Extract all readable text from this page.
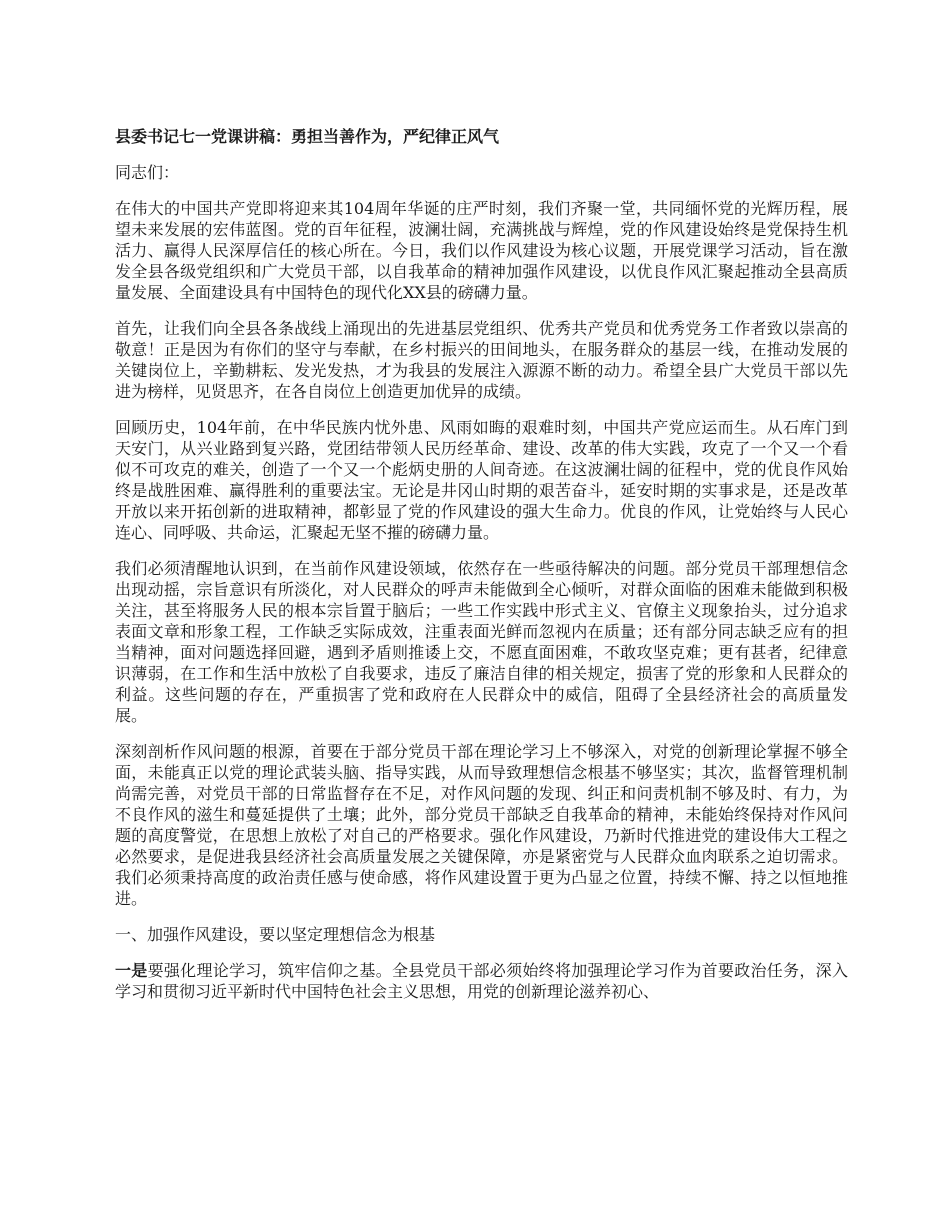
县委书记七一党课讲稿：勇担当善作为，严纪律正风气
同志们：

在伟大的中国共产党即将迎来其104周年华诞的庄严时刻，我们齐聚一堂，共同缅怀党的光辉历程，展望未来发展的宏伟蓝图。党的百年征程，波澜壮阔，充满挑战与辉煌，党的作风建设始终是党保持生机活力、赢得人民深厚信任的核心所在。今日，我们以作风建设为核心议题，开展党课学习活动，旨在激发全县各级党组织和广大党员干部，以自我革命的精神加强作风建设，以优良作风汇聚起推动全县高质量发展、全面建设具有中国特色的现代化XX县的磅礴力量。

首先，让我们向全县各条战线上涌现出的先进基层党组织、优秀共产党员和优秀党务工作者致以崇高的敬意！正是因为有你们的坚守与奉献，在乡村振兴的田间地头，在服务群众的基层一线，在推动发展的关键岗位上，辛勤耕耘、发光发热，才为我县的发展注入源源不断的动力。希望全县广大党员干部以先进为榜样，见贤思齐，在各自岗位上创造更加优异的成绩。

回顾历史，104年前，在中华民族内忧外患、风雨如晦的艰难时刻，中国共产党应运而生。从石库门到天安门，从兴业路到复兴路，党团结带领人民历经革命、建设、改革的伟大实践，攻克了一个又一个看似不可攻克的难关，创造了一个又一个彪炳史册的人间奇迹。在这波澜壮阔的征程中，党的优良作风始终是战胜困难、赢得胜利的重要法宝。无论是井冈山时期的艰苦奋斗，延安时期的实事求是，还是改革开放以来开拓创新的进取精神，都彰显了党的作风建设的强大生命力。优良的作风，让党始终与人民心连心、同呼吸、共命运，汇聚起无坚不摧的磅礴力量。

我们必须清醒地认识到，在当前作风建设领域，依然存在一些亟待解决的问题。部分党员干部理想信念出现动摇，宗旨意识有所淡化，对人民群众的呼声未能做到全心倾听，对群众面临的困难未能做到积极关注，甚至将服务人民的根本宗旨置于脑后；一些工作实践中形式主义、官僚主义现象抬头，过分追求表面文章和形象工程，工作缺乏实际成效，注重表面光鲜而忽视内在质量；还有部分同志缺乏应有的担当精神，面对问题选择回避，遇到矛盾则推诿上交，不愿直面困难，不敢攻坚克难；更有甚者，纪律意识薄弱，在工作和生活中放松了自我要求，违反了廉洁自律的相关规定，损害了党的形象和人民群众的利益。这些问题的存在，严重损害了党和政府在人民群众中的威信，阻碍了全县经济社会的高质量发展。

深刻剖析作风问题的根源，首要在于部分党员干部在理论学习上不够深入，对党的创新理论掌握不够全面，未能真正以党的理论武装头脑、指导实践，从而导致理想信念根基不够坚实；其次，监督管理机制尚需完善，对党员干部的日常监督存在不足，对作风问题的发现、纠正和问责机制不够及时、有力，为不良作风的滋生和蔓延提供了土壤；此外，部分党员干部缺乏自我革命的精神，未能始终保持对作风问题的高度警觉，在思想上放松了对自己的严格要求。强化作风建设，乃新时代推进党的建设伟大工程之必然要求，是促进我县经济社会高质量发展之关键保障，亦是紧密党与人民群众血肉联系之迫切需求。我们必须秉持高度的政治责任感与使命感，将作风建设置于更为凸显之位置，持续不懈、持之以恒地推进。

一、加强作风建设，要以坚定理想信念为根基

一是要强化理论学习，筑牢信仰之基。全县党员干部必须始终将加强理论学习作为首要政治任务，深入学习和贯彻习近平新时代中国特色社会主义思想，用党的创新理论滋养初心、
